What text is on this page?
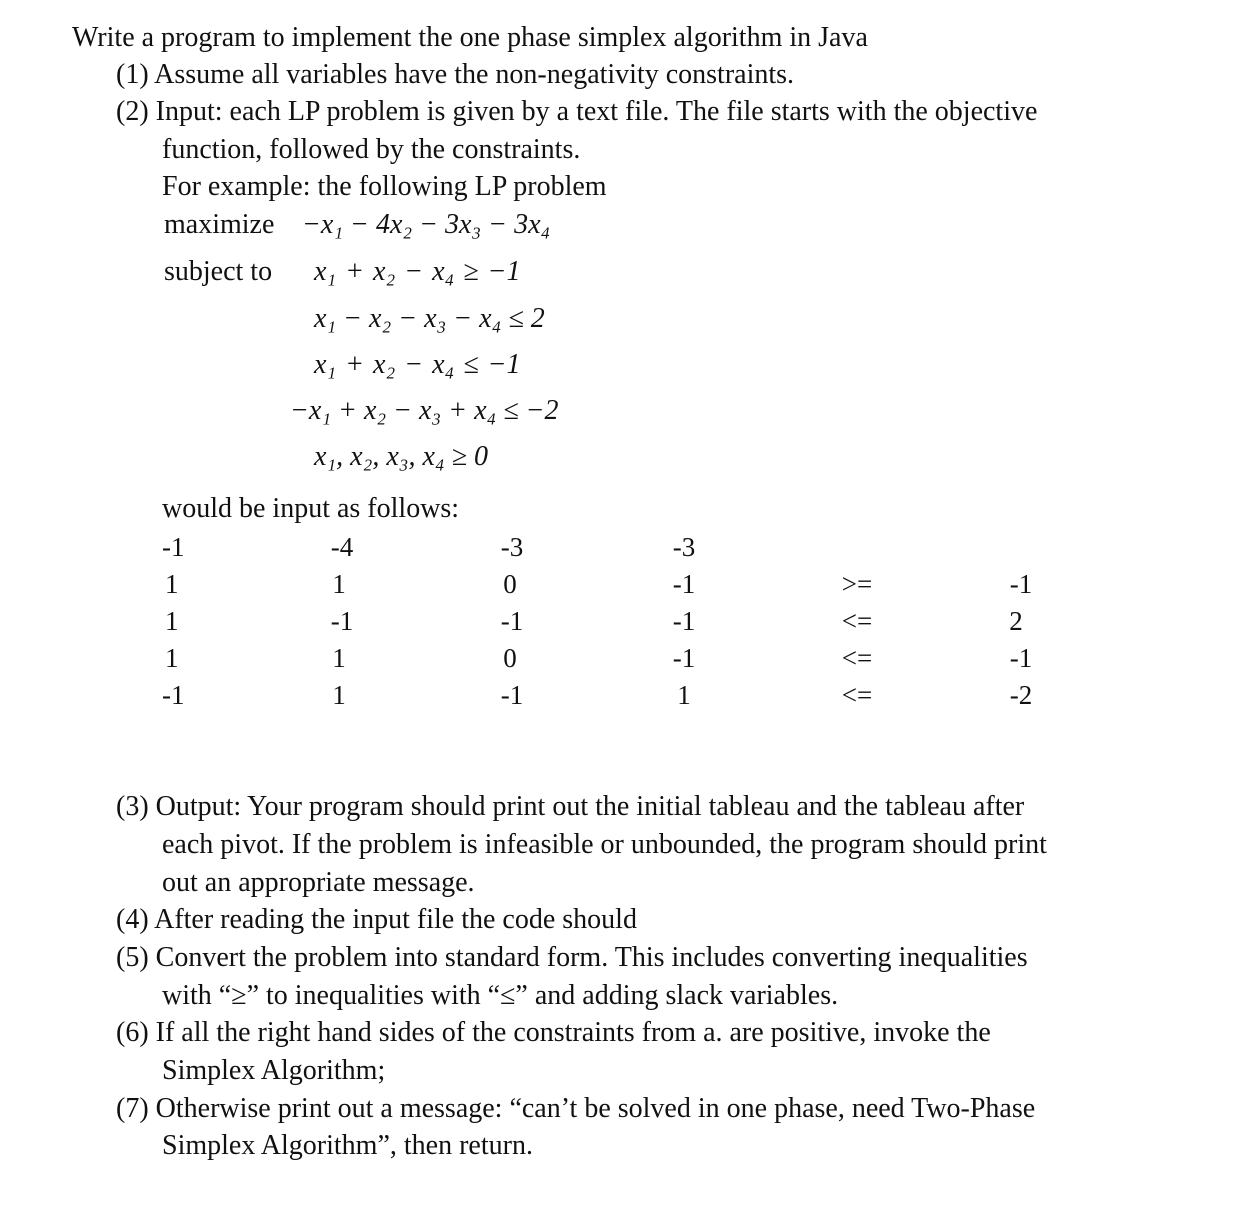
Write a program to implement the one phase simplex algorithm in Java
(1) Assume all variables have the non-negativity constraints.
(2) Input: each LP problem is given by a text file. The file starts with the objective
function, followed by the constraints.
For example: the following LP problem
maximize −x₁ − 4x₂ − 3x₃ − 3x₄
subject to x₁ + x₂ − x₄ ≥ −1
x₁ − x₂ − x₃ − x₄ ≤ 2
x₁ + x₂ − x₄ ≤ −1
−x₁ + x₂ − x₃ + x₄ ≤ −2
x₁, x₂, x₃, x₄ ≥ 0
would be input as follows:
-1	-4	-3	-3
1	1	0	-1	>=	-1
1	-1	-1	-1	<=	2
1	1	0	-1	<=	-1
-1	1	-1	1	<=	-2
(3) Output: Your program should print out the initial tableau and the tableau after
each pivot. If the problem is infeasible or unbounded, the program should print
out an appropriate message.
(4) After reading the input file the code should
(5) Convert the problem into standard form. This includes converting inequalities
with “≥” to inequalities with “≤” and adding slack variables.
(6) If all the right hand sides of the constraints from a. are positive, invoke the
Simplex Algorithm;
(7) Otherwise print out a message: “can’t be solved in one phase, need Two-Phase
Simplex Algorithm”, then return.
